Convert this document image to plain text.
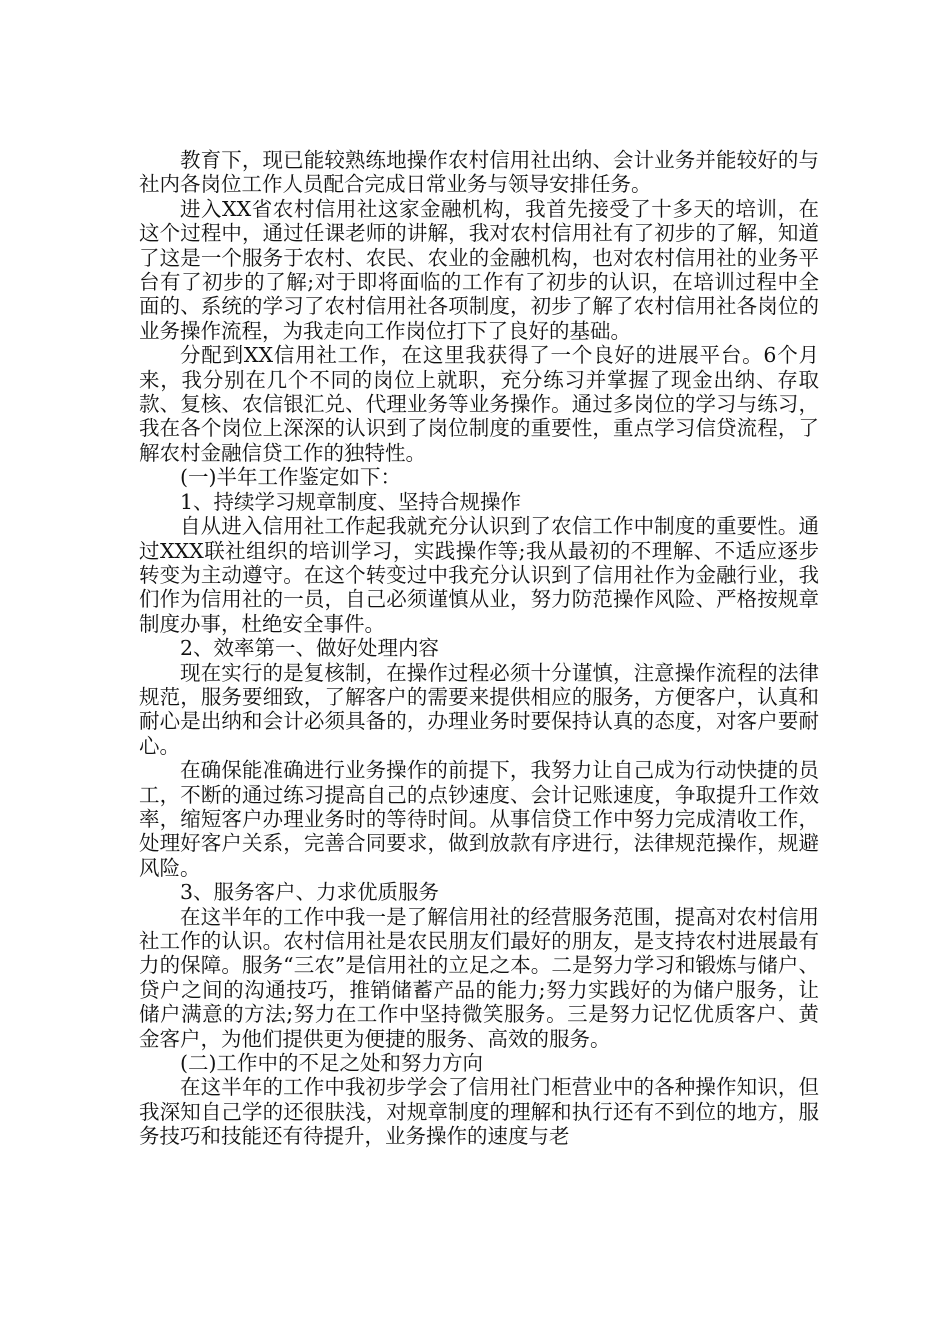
教育下，现已能较熟练地操作农村信用社出纳、会计业务并能较好的与社内各岗位工作人员配合完成日常业务与领导安排任务。

进入XX省农村信用社这家金融机构，我首先接受了十多天的培训，在这个过程中，通过任课老师的讲解，我对农村信用社有了初步的了解，知道了这是一个服务于农村、农民、农业的金融机构，也对农村信用社的业务平台有了初步的了解;对于即将面临的工作有了初步的认识，在培训过程中全面的、系统的学习了农村信用社各项制度，初步了解了农村信用社各岗位的业务操作流程，为我走向工作岗位打下了良好的基础。

分配到XX信用社工作，在这里我获得了一个良好的进展平台。6个月来，我分别在几个不同的岗位上就职，充分练习并掌握了现金出纳、存取款、复核、农信银汇兑、代理业务等业务操作。通过多岗位的学习与练习，我在各个岗位上深深的认识到了岗位制度的重要性，重点学习信贷流程，了解农村金融信贷工作的独特性。

(一)半年工作鉴定如下：

1、持续学习规章制度、坚持合规操作

自从进入信用社工作起我就充分认识到了农信工作中制度的重要性。通过XXX联社组织的培训学习，实践操作等;我从最初的不理解、不适应逐步转变为主动遵守。在这个转变过中我充分认识到了信用社作为金融行业，我们作为信用社的一员，自己必须谨慎从业，努力防范操作风险、严格按规章制度办事，杜绝安全事件。

2、效率第一、做好处理内容

现在实行的是复核制，在操作过程必须十分谨慎，注意操作流程的法律规范，服务要细致，了解客户的需要来提供相应的服务，方便客户，认真和耐心是出纳和会计必须具备的，办理业务时要保持认真的态度，对客户要耐心。

在确保能准确进行业务操作的前提下，我努力让自己成为行动快捷的员工，不断的通过练习提高自己的点钞速度、会计记账速度，争取提升工作效率，缩短客户办理业务时的等待时间。从事信贷工作中努力完成清收工作，处理好客户关系，完善合同要求，做到放款有序进行，法律规范操作，规避风险。

3、服务客户、力求优质服务

在这半年的工作中我一是了解信用社的经营服务范围，提高对农村信用社工作的认识。农村信用社是农民朋友们最好的朋友，是支持农村进展最有力的保障。服务“三农”是信用社的立足之本。二是努力学习和锻炼与储户、贷户之间的沟通技巧，推销储蓄产品的能力;努力实践好的为储户服务，让储户满意的方法;努力在工作中坚持微笑服务。三是努力记忆优质客户、黄金客户，为他们提供更为便捷的服务、高效的服务。

(二)工作中的不足之处和努力方向

在这半年的工作中我初步学会了信用社门柜营业中的各种操作知识，但我深知自己学的还很肤浅，对规章制度的理解和执行还有不到位的地方，服务技巧和技能还有待提升，业务操作的速度与老
